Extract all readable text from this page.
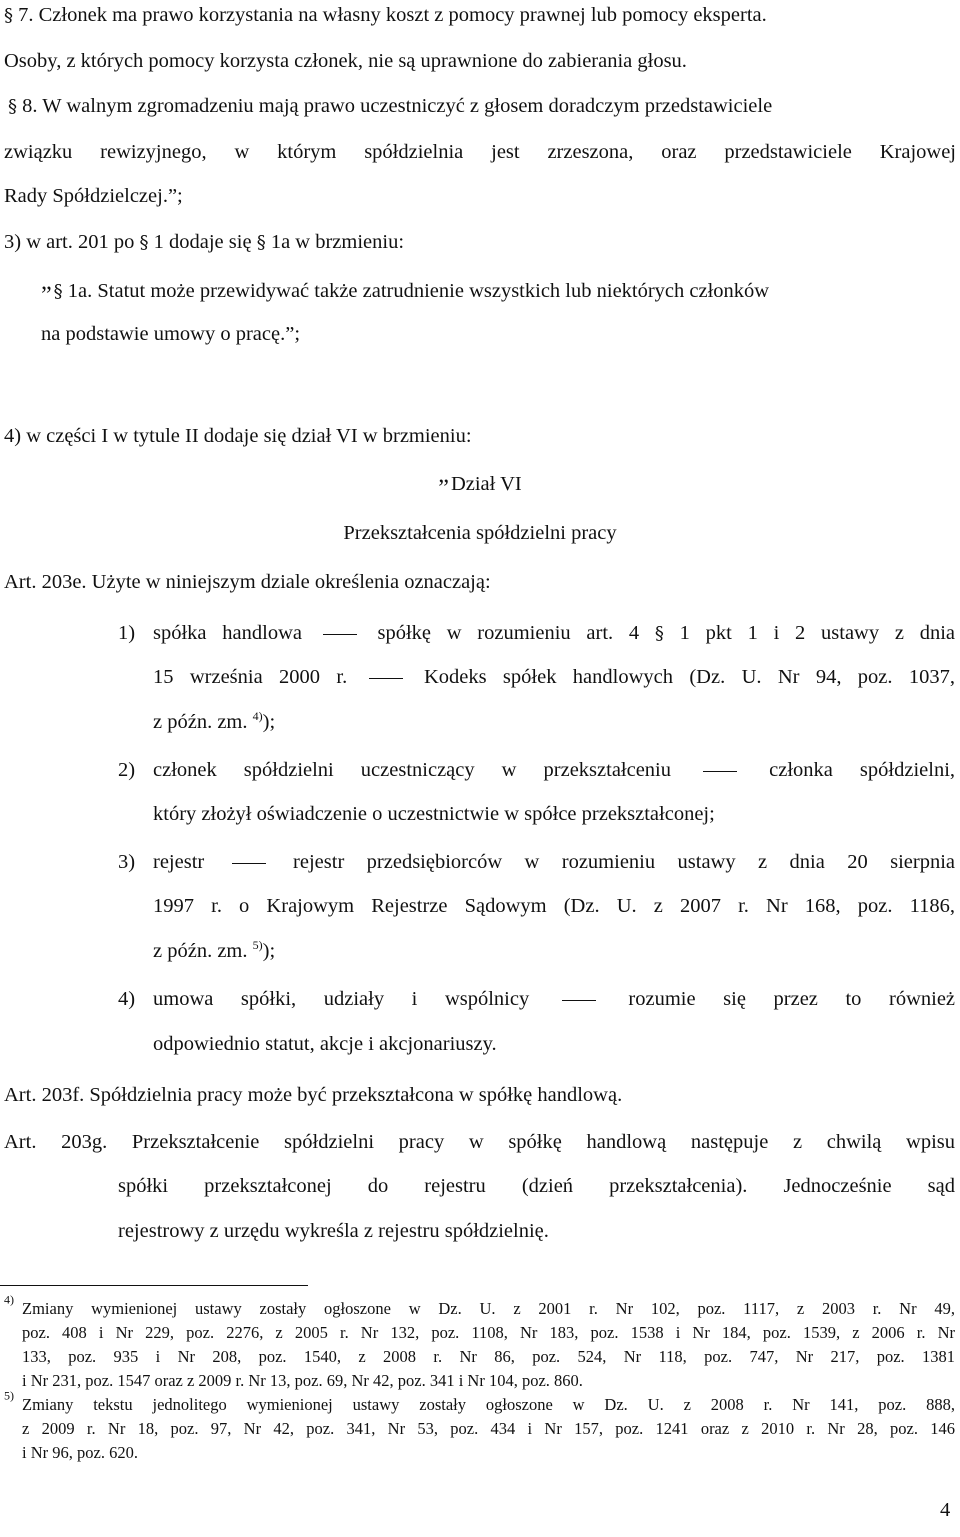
§ 7. Członek ma prawo korzystania na własny koszt z pomocy prawnej lub pomocy eksperta.
Osoby, z których pomocy korzysta członek, nie są uprawnione do zabierania głosu.
§ 8. W walnym zgromadzeniu mają prawo uczestniczyć z głosem doradczym przedstawiciele
związku rewizyjnego, w którym spółdzielnia jest zrzeszona, oraz przedstawiciele Krajowej
Rady Spółdzielczej.”;
3) w art. 201 po § 1 dodaje się § 1a w brzmieniu:
„ § 1a. Statut może przewidywać także zatrudnienie wszystkich lub niektórych członków
na podstawie umowy o pracę.”;
4) w części I w tytule II dodaje się dział VI w brzmieniu:
„Dział VI
Przekształcenia spółdzielni pracy
Art. 203e. Użyte w niniejszym dziale określenia oznaczają:
1) spółka handlowa	spółkę w rozumieniu art. 4 § 1 pkt 1 i 2 ustawy z dnia
15 września 2000 r.	Kodeks spółek handlowych (Dz. U. Nr 94, poz. 1037,
z późn. zm. $^{4)}$);
2) członek spółdzielni uczestniczący w przekształceniu	członka spółdzielni,
który złożył oświadczenie o uczestnictwie w spółce przekształconej;
3) rejestr	rejestr przedsiębiorców w rozumieniu ustawy z dnia 20 sierpnia
1997 r. o Krajowym Rejestrze Sądowym (Dz. U. z 2007 r. Nr 168, poz. 1186,
z późn. zm. $^{5)}$);
4) umowa spółki, udziały i wspólnicy	rozumie się przez to również
odpowiednio statut, akcje i akcjonariuszy.
Art. 203f. Spółdzielnia pracy może być przekształcona w spółkę handlową.
Art. 203g. Przekształcenie spółdzielni pracy w spółkę handlową następuje z chwilą wpisu
spółki przekształconej do rejestru (dzień przekształcenia). Jednocześnie sąd
rejestrowy z urzędu wykreśla z rejestru spółdzielnię.
$^{4)}$ Zmiany wymienionej ustawy zostały ogłoszone w Dz. U. z 2001 r. Nr 102, poz. 1117, z 2003 r. Nr 49,
poz. 408 i Nr 229, poz. 2276, z 2005 r. Nr 132, poz. 1108, Nr 183, poz. 1538 i Nr 184, poz. 1539, z 2006 r. Nr
133, poz. 935 i Nr 208, poz. 1540, z 2008 r. Nr 86, poz. 524, Nr 118, poz. 747, Nr 217, poz. 1381
i Nr 231, poz. 1547 oraz z 2009 r. Nr 13, poz. 69, Nr 42, poz. 341 i Nr 104, poz. 860.
$^{5)}$ Zmiany tekstu jednolitego wymienionej ustawy zostały ogłoszone w Dz. U. z 2008 r. Nr 141, poz. 888,
z 2009 r. Nr 18, poz. 97, Nr 42, poz. 341, Nr 53, poz. 434 i Nr 157, poz. 1241 oraz z 2010 r. Nr 28, poz. 146
i Nr 96, poz. 620.
4
